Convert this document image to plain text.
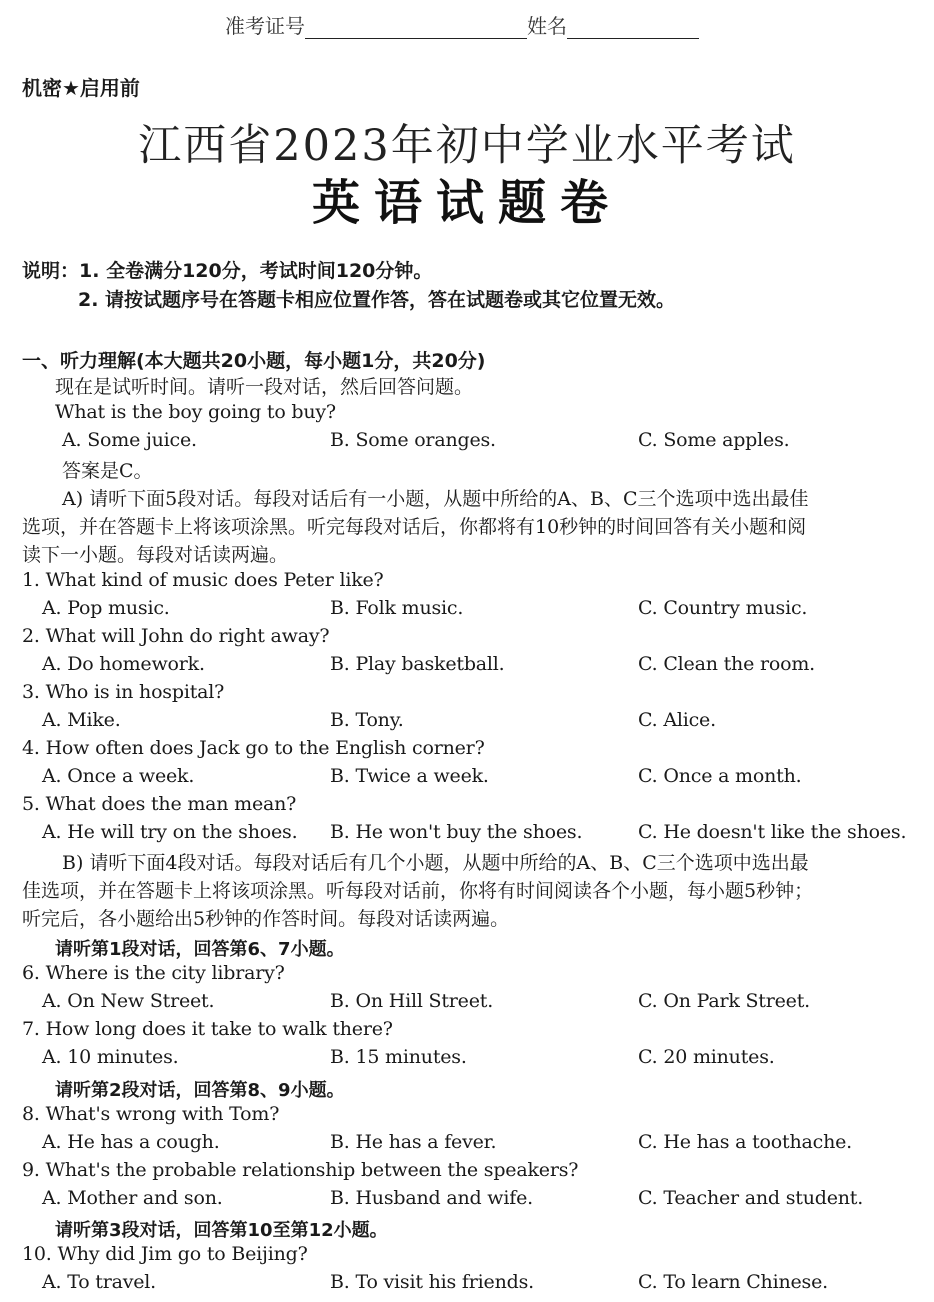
准考证号	姓名
机密★启用前
江西省2023年初中学业水平考试
英语试题卷
说明：1. 全卷满分120分，考试时间120分钟。
2. 请按试题序号在答题卡相应位置作答，答在试题卷或其它位置无效。
一、听力理解(本大题共20小题，每小题1分，共20分)
现在是试听时间。请听一段对话，然后回答问题。
What is the boy going to buy?
A. Some juice.	B. Some oranges.	C. Some apples.
答案是C。
A) 请听下面5段对话。每段对话后有一小题，从题中所给的A、B、C三个选项中选出最佳
选项，并在答题卡上将该项涂黑。听完每段对话后，你都将有10秒钟的时间回答有关小题和阅
读下一小题。每段对话读两遍。
1. What kind of music does Peter like?
A. Pop music.	B. Folk music.	C. Country music.
2. What will John do right away?
A. Do homework.	B. Play basketball.	C. Clean the room.
3. Who is in hospital?
A. Mike.	B. Tony.	C. Alice.
4. How often does Jack go to the English corner?
A. Once a week.	B. Twice a week.	C. Once a month.
5. What does the man mean?
A. He will try on the shoes. B. He won't buy the shoes.	C. He doesn't like the shoes.
B) 请听下面4段对话。每段对话后有几个小题，从题中所给的A、B、C三个选项中选出最
佳选项，并在答题卡上将该项涂黑。听每段对话前，你将有时间阅读各个小题，每小题5秒钟；
听完后，各小题给出5秒钟的作答时间。每段对话读两遍。
请听第1段对话，回答第6、7小题。
6. Where is the city library?
A. On New Street.	B. On Hill Street.	C. On Park Street.
7. How long does it take to walk there?
A. 10 minutes.	B. 15 minutes.	C. 20 minutes.
请听第2段对话，回答第8、9小题。
8. What's wrong with Tom?
A. He has a cough.	B. He has a fever.	C. He has a toothache.
9. What's the probable relationship between the speakers?
A. Mother and son.	B. Husband and wife.	C. Teacher and student.
请听第3段对话，回答第10至第12小题。
10. Why did Jim go to Beijing?
A. To travel.	B. To visit his friends.	C. To learn Chinese.
